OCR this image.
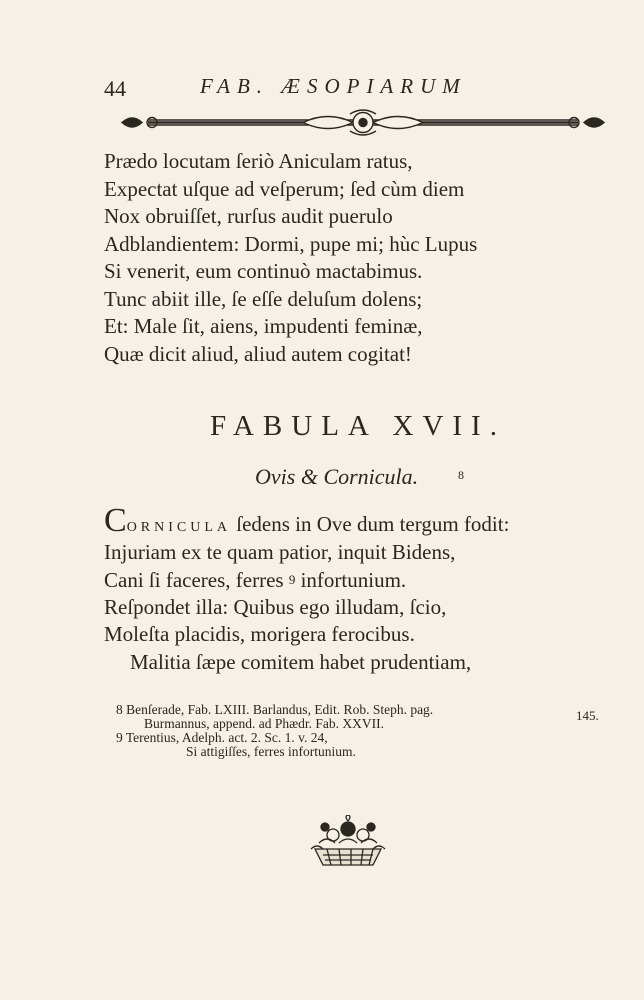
44	FAB. ÆSOPIARUM
Prædo locutam ſeriò Aniculam ratus,
Expectat uſque ad veſperum; ſed cùm diem
Nox obruiſſet, rurſus audit puerulo
Adblandientem: Dormi, pupe mi; hùc Lupus
Si venerit, eum continuò mactabimus.
Tunc abiit ille, ſe eſſe deluſum dolens;
Et: Male ſit, aiens, impudenti feminæ,
Quæ dicit aliud, aliud autem cogitat!
FABULA XVII.
Ovis & Cornicula.	8
CORNICULA ſedens in Ove dum tergum fodit:
Injuriam ex te quam patior, inquit Bidens,
Cani ſi faceres, ferres 9 infortunium.
Reſpondet illa: Quibus ego illudam, ſcio,
Moleſta placidis, morigera ferocibus.
Malitia ſæpe comitem habet prudentiam,
8 Benſerade, Fab. LXIII. Barlandus, Edit. Rob. Steph. pag.
Burmannus, append. ad Phædr. Fab. XXVII.
9 Terentius, Adelph. act. 2. Sc. 1. v. 24,
Si attigiſſes, ferres infortunium.
145.
